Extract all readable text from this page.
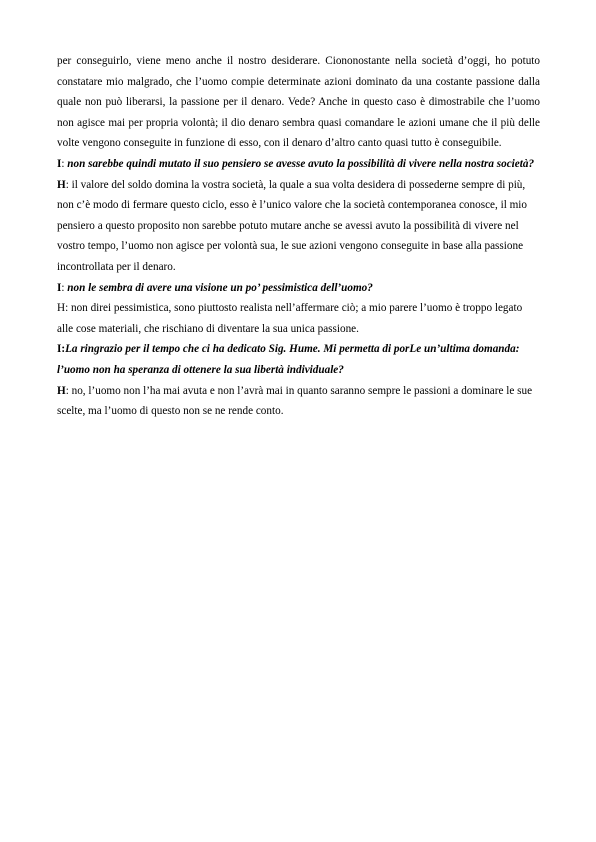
per conseguirlo, viene meno anche il nostro desiderare. Ciononostante nella società d’oggi, ho potuto constatare mio malgrado, che l’uomo compie determinate azioni dominato da una costante passione dalla quale non può liberarsi, la passione per il denaro. Vede? Anche in questo caso è dimostrabile che l’uomo non agisce mai per propria volontà; il dio denaro sembra quasi comandare le azioni umane che il più delle volte vengono conseguite in funzione di esso, con il denaro d’altro canto quasi tutto è conseguibile.

I: non sarebbe quindi mutato il suo pensiero se avesse avuto la possibilità di vivere nella nostra società?

H: il valore del soldo domina la vostra società, la quale a sua volta desidera di possederne sempre di più, non c’è modo di fermare questo ciclo, esso è l’unico valore che la società contemporanea conosce, il mio pensiero a questo proposito non sarebbe potuto mutare anche se avessi avuto la possibilità di vivere nel vostro tempo, l’uomo non agisce per volontà sua, le sue azioni vengono conseguite in base alla passione incontrollata per il denaro.

I: non le sembra di avere una visione un po’ pessimistica dell’uomo?

H: non direi pessimistica, sono piuttosto realista nell’affermare ciò; a mio parere l’uomo è troppo legato alle cose materiali, che rischiano di diventare la sua unica passione.

I:La ringrazio per il tempo che ci ha dedicato Sig. Hume. Mi permetta di porLe un’ultima domanda: l’uomo non ha speranza di ottenere la sua libertà individuale?

H: no, l’uomo non l’ha mai avuta e non l’avrà mai in quanto saranno sempre le passioni a dominare le sue scelte, ma l’uomo di questo non se ne rende conto.
